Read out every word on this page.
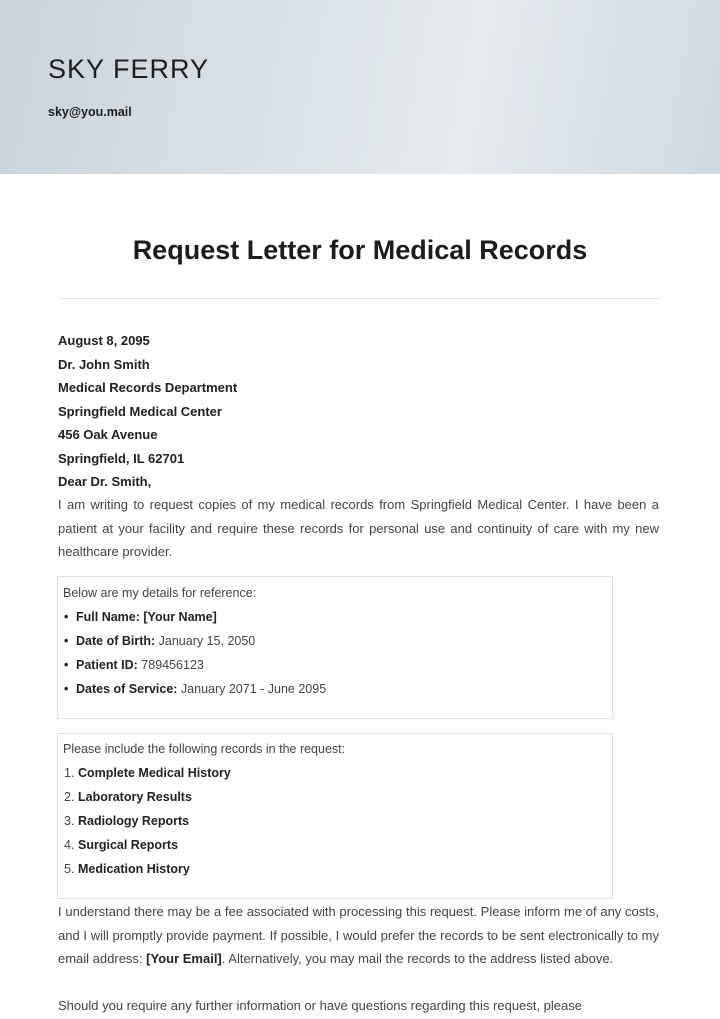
SKY FERRY
sky@you.mail
Request Letter for Medical Records
August 8, 2095
Dr. John Smith
Medical Records Department
Springfield Medical Center
456 Oak Avenue
Springfield, IL 62701
Dear Dr. Smith,
I am writing to request copies of my medical records from Springfield Medical Center. I have been a patient at your facility and require these records for personal use and continuity of care with my new healthcare provider.
Below are my details for reference:
• Full Name: [Your Name]
• Date of Birth: January 15, 2050
• Patient ID: 789456123
• Dates of Service: January 2071 - June 2095
Please include the following records in the request:
1. Complete Medical History
2. Laboratory Results
3. Radiology Reports
4. Surgical Reports
5. Medication History
I understand there may be a fee associated with processing this request. Please inform me of any costs, and I will promptly provide payment. If possible, I would prefer the records to be sent electronically to my email address: [Your Email]. Alternatively, you may mail the records to the address listed above.
Should you require any further information or have questions regarding this request, please
